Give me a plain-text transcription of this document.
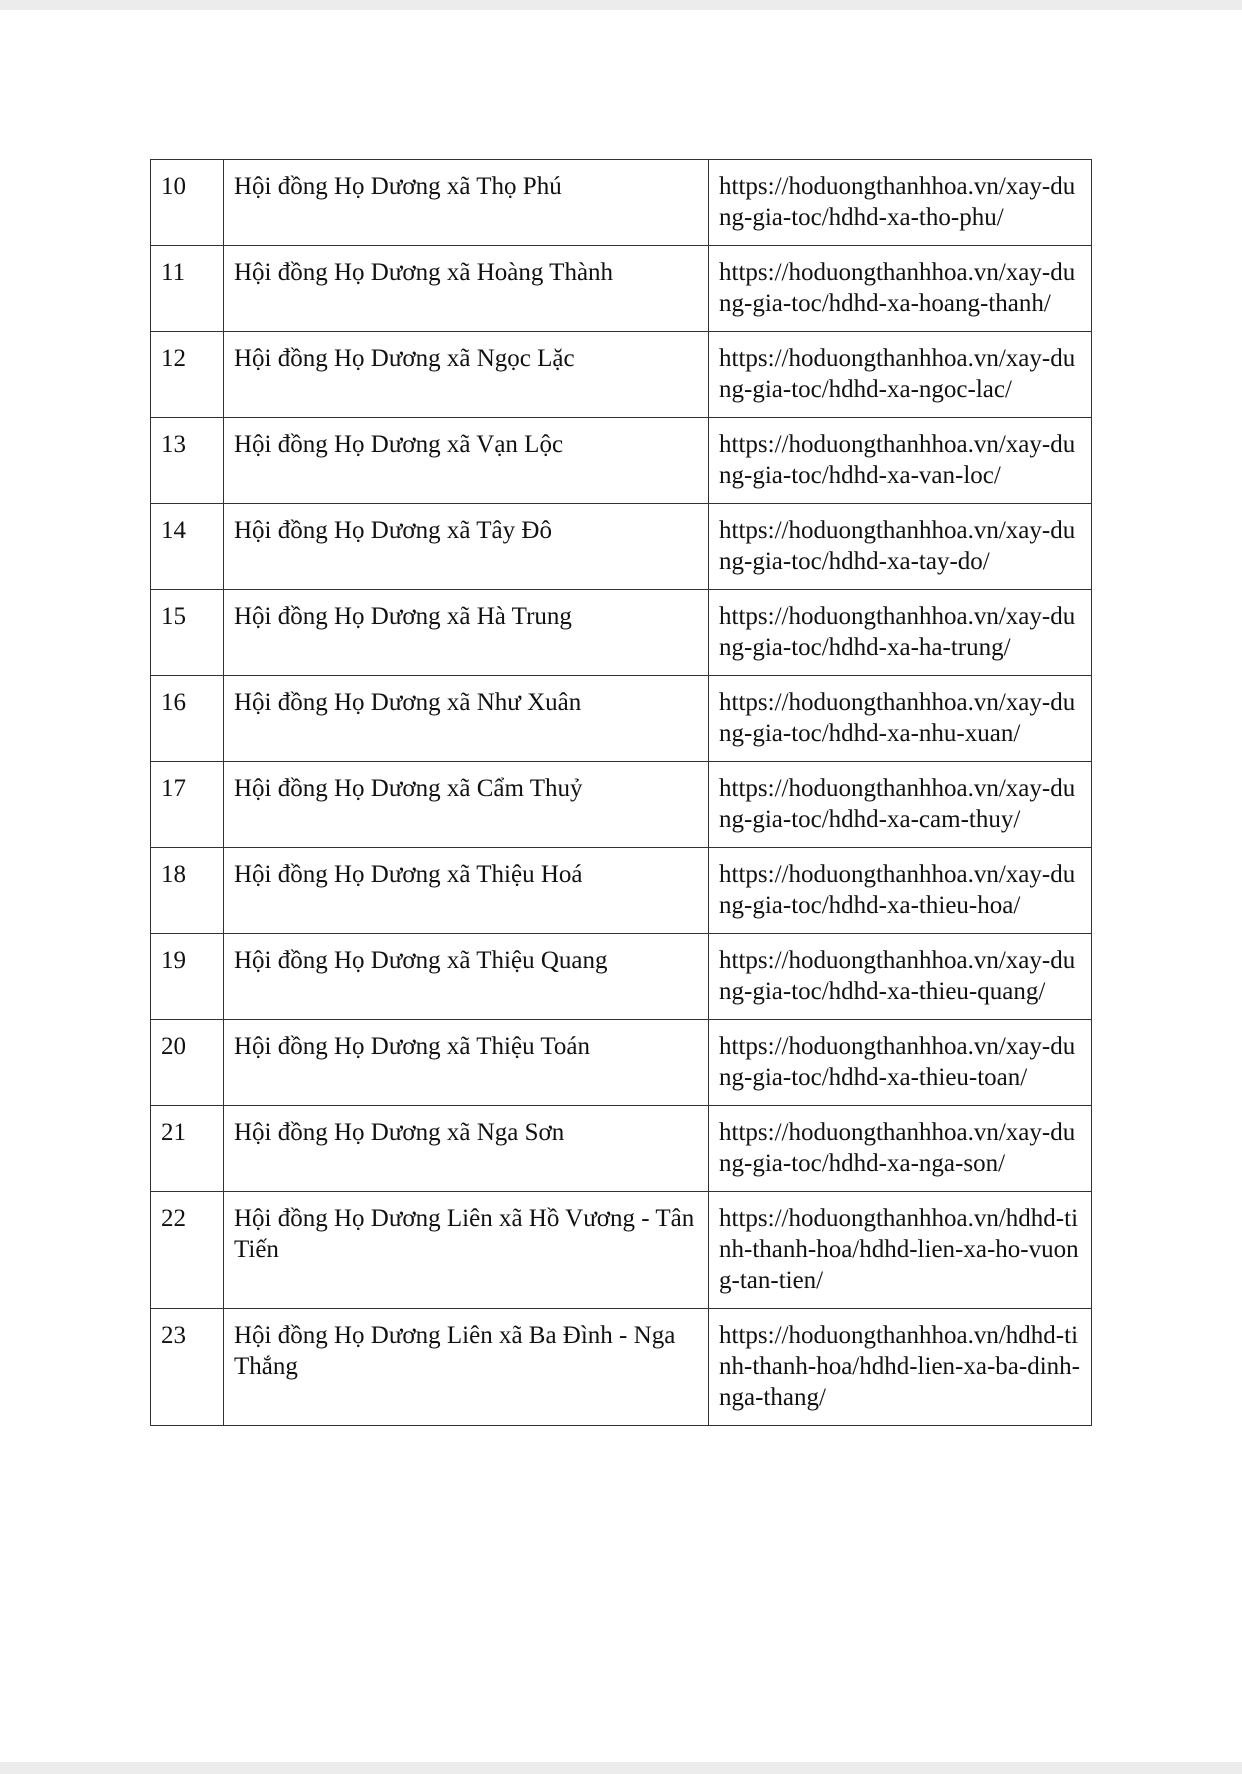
10	Hội đồng Họ Dương xã Thọ Phú	https://hoduongthanhhoa.vn/xay-dung-gia-toc/hdhd-xa-tho-phu/
11	Hội đồng Họ Dương xã Hoàng Thành	https://hoduongthanhhoa.vn/xay-dung-gia-toc/hdhd-xa-hoang-thanh/
12	Hội đồng Họ Dương xã Ngọc Lặc	https://hoduongthanhhoa.vn/xay-dung-gia-toc/hdhd-xa-ngoc-lac/
13	Hội đồng Họ Dương xã Vạn Lộc	https://hoduongthanhhoa.vn/xay-dung-gia-toc/hdhd-xa-van-loc/
14	Hội đồng Họ Dương xã Tây Đô	https://hoduongthanhhoa.vn/xay-dung-gia-toc/hdhd-xa-tay-do/
15	Hội đồng Họ Dương xã Hà Trung	https://hoduongthanhhoa.vn/xay-dung-gia-toc/hdhd-xa-ha-trung/
16	Hội đồng Họ Dương xã Như Xuân	https://hoduongthanhhoa.vn/xay-dung-gia-toc/hdhd-xa-nhu-xuan/
17	Hội đồng Họ Dương xã Cẩm Thuỷ	https://hoduongthanhhoa.vn/xay-dung-gia-toc/hdhd-xa-cam-thuy/
18	Hội đồng Họ Dương xã Thiệu Hoá	https://hoduongthanhhoa.vn/xay-dung-gia-toc/hdhd-xa-thieu-hoa/
19	Hội đồng Họ Dương xã Thiệu Quang	https://hoduongthanhhoa.vn/xay-dung-gia-toc/hdhd-xa-thieu-quang/
20	Hội đồng Họ Dương xã Thiệu Toán	https://hoduongthanhhoa.vn/xay-dung-gia-toc/hdhd-xa-thieu-toan/
21	Hội đồng Họ Dương xã Nga Sơn	https://hoduongthanhhoa.vn/xay-dung-gia-toc/hdhd-xa-nga-son/
22	Hội đồng Họ Dương Liên xã Hồ Vương - Tân Tiến	https://hoduongthanhhoa.vn/hdhd-tinh-thanh-hoa/hdhd-lien-xa-ho-vuong-tan-tien/
23	Hội đồng Họ Dương Liên xã Ba Đình - Nga Thắng	https://hoduongthanhhoa.vn/hdhd-tinh-thanh-hoa/hdhd-lien-xa-ba-dinh-nga-thang/
